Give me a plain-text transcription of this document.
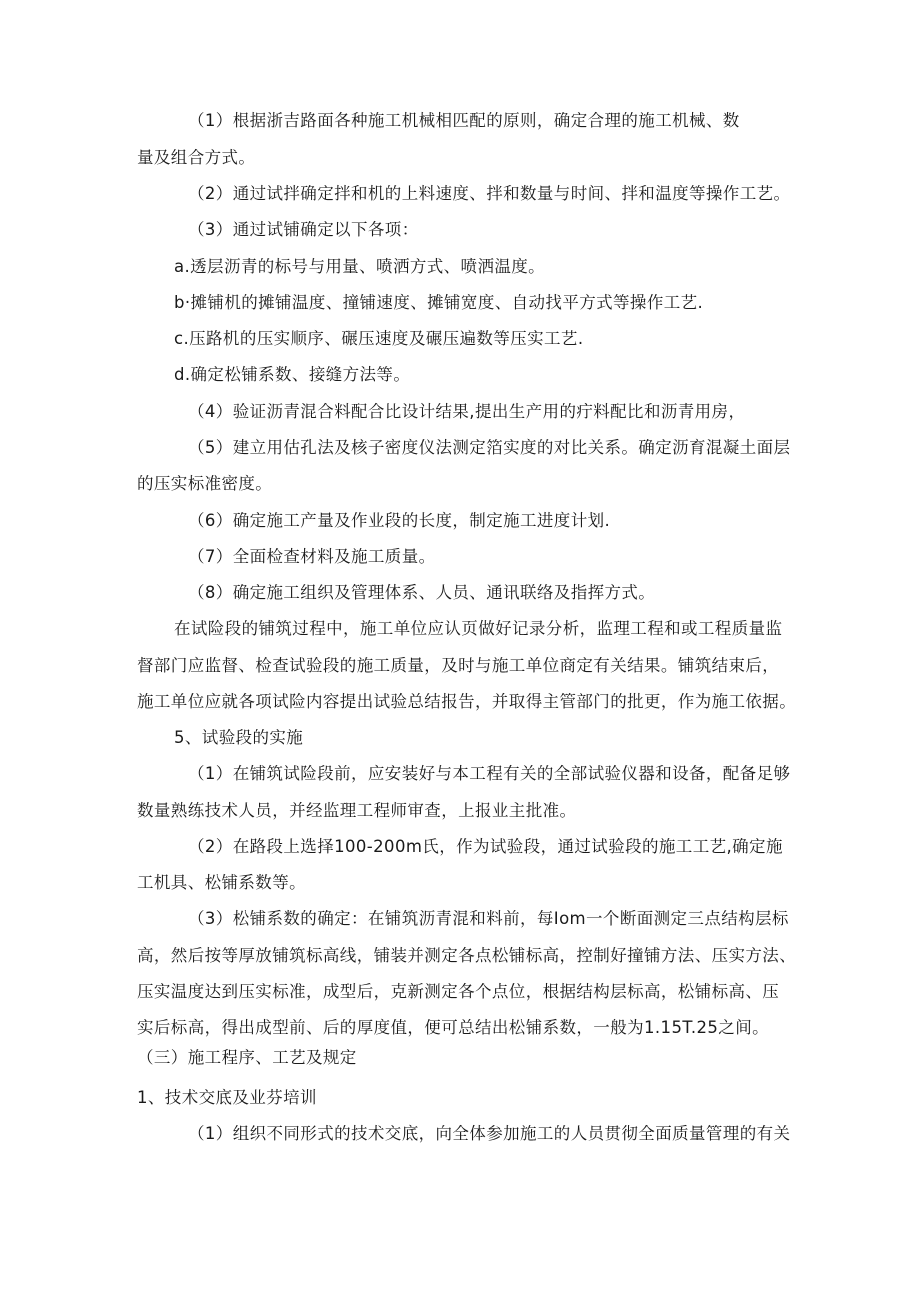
（1）根据浙吉路面各种施工机械相匹配的原则，确定合理的施工机械、数
量及组合方式。
（2）通过试拌确定拌和机的上料速度、拌和数量与时间、拌和温度等操作工艺。
（3）通过试铺确定以下各项：
a.透层沥青的标号与用量、喷洒方式、喷洒温度。
b·摊铺机的摊铺温度、撞铺速度、摊铺宽度、自动找平方式等操作工艺.
c.压路机的压实顺序、碾压速度及碾压遍数等压实工艺.
d.确定松铺系数、接缝方法等。
（4）验证沥青混合料配合比设计结果,提出生产用的疔料配比和沥青用房，
（5）建立用估孔法及核子密度仪法测定箔实度的对比关系。确定沥育混凝土面层
的压实标准密度。
（6）确定施工产量及作业段的长度，制定施工进度计划.
（7）全面检查材料及施工质量。
（8）确定施工组织及管理体系、人员、通讯联络及指挥方式。
在试险段的铺筑过程中，施工单位应认页做好记录分析，监理工程和或工程质量监
督部门应监督、检查试验段的施工质量，及时与施工单位商定有关结果。铺筑结束后，
施工单位应就各项试险内容提出试验总结报告，并取得主管部门的批更，作为施工依据。
5、试验段的实施
（1）在铺筑试险段前，应安装好与本工程有关的全部试验仪器和设备，配备足够
数量熟练技术人员，并经监理工程师审查，上报业主批准。
（2）在路段上选择100-200m氏，作为试验段，通过试验段的施工工艺,确定施
工机具、松铺系数等。
（3）松铺系数的确定：在铺筑沥青混和料前，每Iom一个断面测定三点结构层标
高，然后按等厚放铺筑标高线，铺装并测定各点松铺标高，控制好撞铺方法、压实方法、
压实温度达到压实标准，成型后，克新测定各个点位，根据结构层标高，松铺标高、压
实后标高，得出成型前、后的厚度值，便可总结出松铺系数，一般为1.15T.25之间。
（三）施工程序、工艺及规定
1、技术交底及业芬培训
（1）组织不同形式的技术交底，向全体参加施工的人员贯彻全面质量管理的有关
